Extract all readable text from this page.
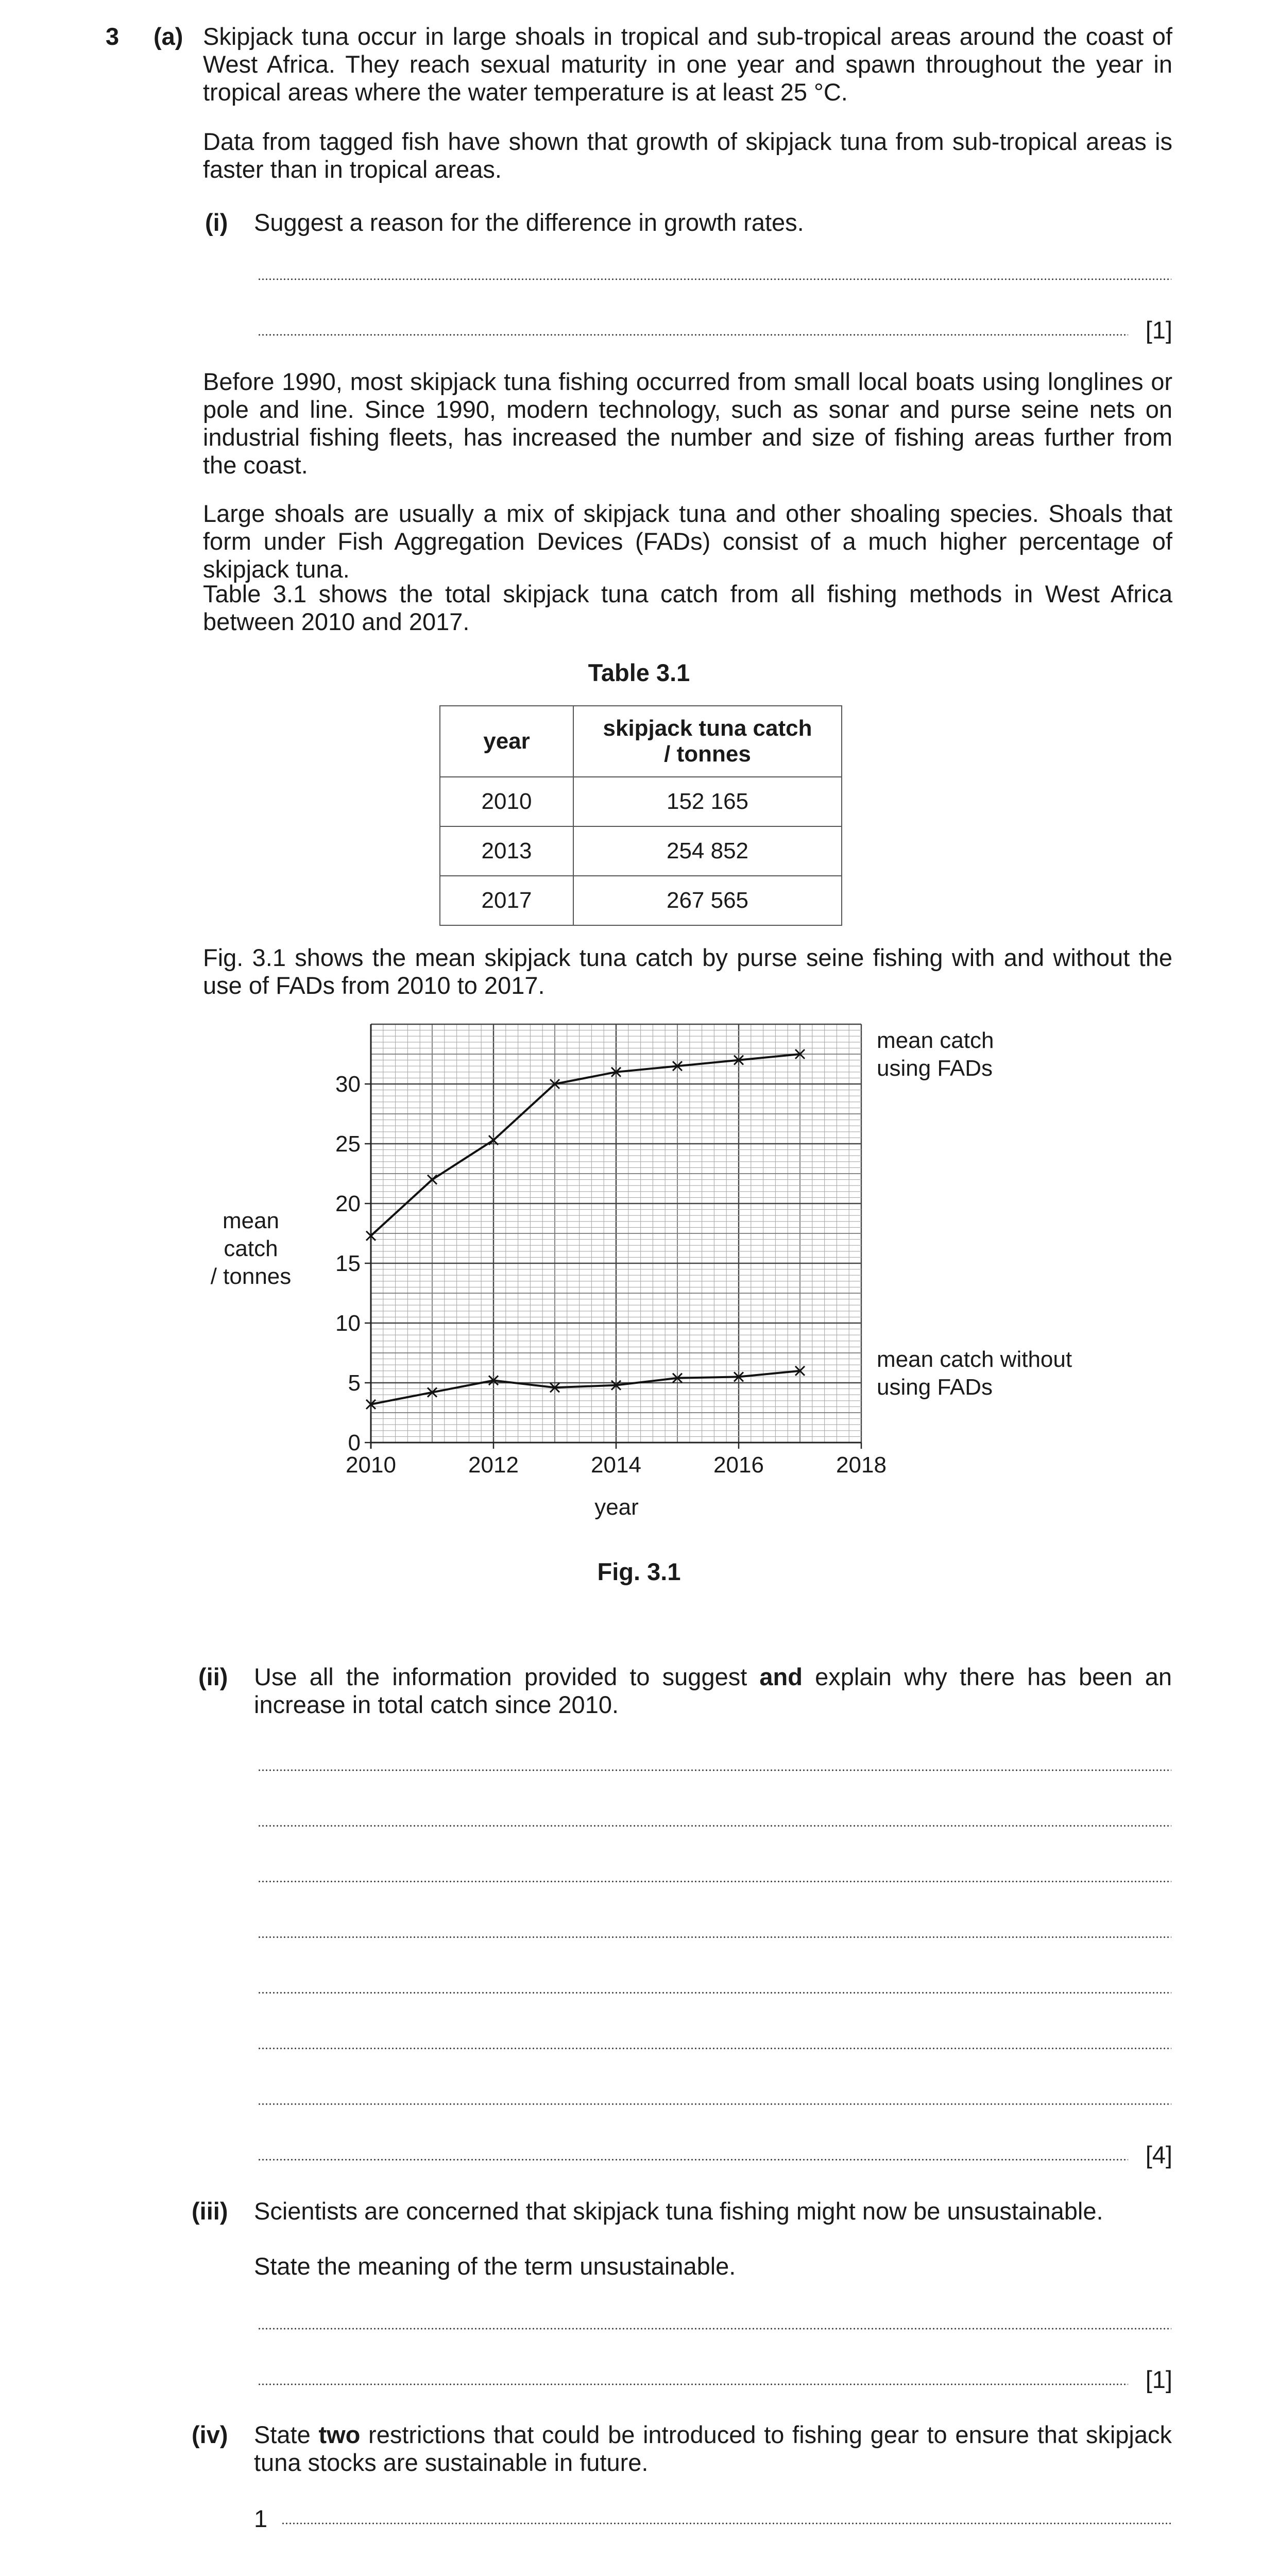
3 (a) Skipjack tuna occur in large shoals in tropical and sub-tropical areas around the coast of West Africa. They reach sexual maturity in one year and spawn throughout the year in tropical areas where the water temperature is at least 25 °C.
Data from tagged fish have shown that growth of skipjack tuna from sub-tropical areas is faster than in tropical areas.
(i) Suggest a reason for the difference in growth rates.
[1]
Before 1990, most skipjack tuna fishing occurred from small local boats using longlines or pole and line. Since 1990, modern technology, such as sonar and purse seine nets on industrial fishing fleets, has increased the number and size of fishing areas further from the coast.
Large shoals are usually a mix of skipjack tuna and other shoaling species. Shoals that form under Fish Aggregation Devices (FADs) consist of a much higher percentage of skipjack tuna.
Table 3.1 shows the total skipjack tuna catch from all fishing methods in West Africa between 2010 and 2017.
Table 3.1
year	skipjack tuna catch
/ tonnes
2010	152 165
2013	254 852
2017	267 565
Fig. 3.1 shows the mean skipjack tuna catch by purse seine fishing with and without the use of FADs from 2010 to 2017.
2010	2012	2014	2016	2018
0
5
10
15
20
25
30
year
mean
catch
/ tonnes
mean catch
using FADs
mean catch without
using FADs
Fig. 3.1
(ii) Use all the information provided to suggest and explain why there has been an increase in total catch since 2010.
[4]
(iii) Scientists are concerned that skipjack tuna fishing might now be unsustainable.
State the meaning of the term unsustainable.
[1]
(iv) State two restrictions that could be introduced to fishing gear to ensure that skipjack tuna stocks are sustainable in future.
1
